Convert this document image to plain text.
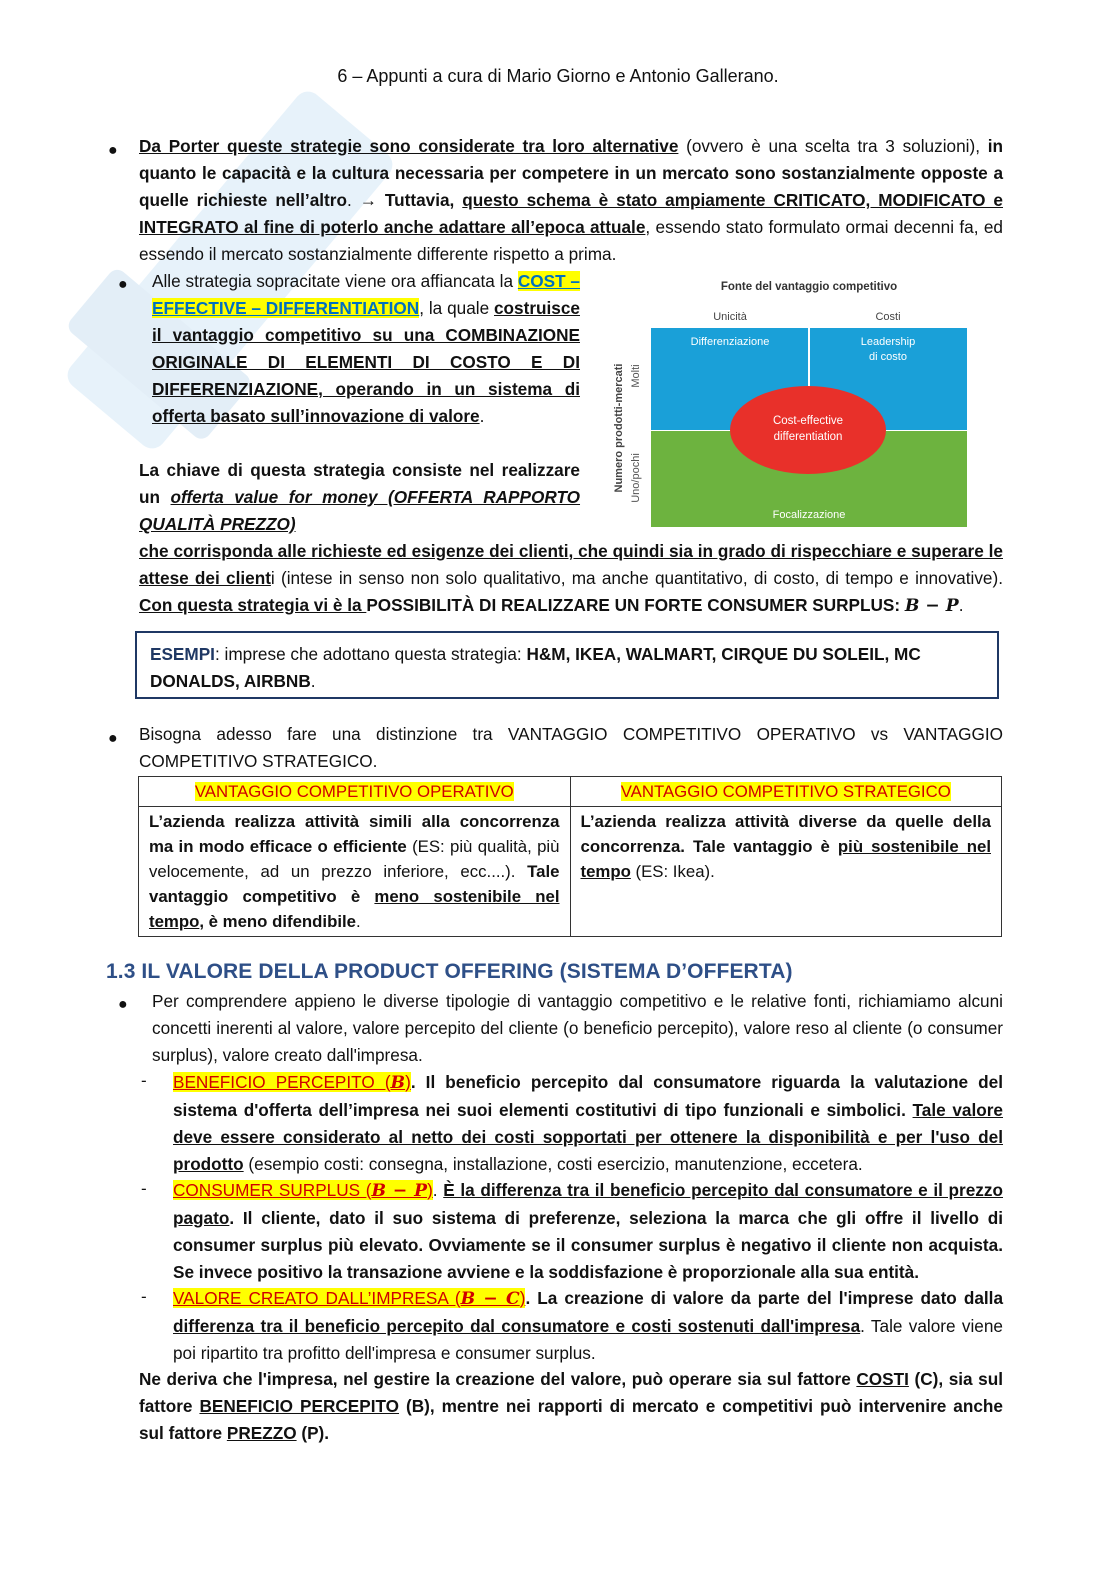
6 – Appunti a cura di Mario Giorno e Antonio Gallerano.
● Da Porter queste strategie sono considerate tra loro alternative (ovvero è una scelta tra 3 soluzioni), in quanto le capacità e la cultura necessaria per competere in un mercato sono sostanzialmente opposte a quelle richieste nell’altro. → Tuttavia, questo schema è stato ampiamente CRITICATO, MODIFICATO e INTEGRATO al fine di poterlo anche adattare all’epoca attuale, essendo stato formulato ormai decenni fa, ed essendo il mercato sostanzialmente differente rispetto a prima.

● Alle strategia sopracitate viene ora affiancata la COST – EFFECTIVE – DIFFERENTIATION, la quale costruisce il vantaggio competitivo su una COMBINAZIONE ORIGINALE DI ELEMENTI DI COSTO E DI DIFFERENZIAZIONE, operando in un sistema di offerta basato sull’innovazione di valore.

La chiave di questa strategia consiste nel realizzare un offerta value for money (OFFERTA RAPPORTO QUALITÀ PREZZO)

che corrisponda alle richieste ed esigenze dei clienti, che quindi sia in grado di rispecchiare e superare le attese dei clienti (intese in senso non solo qualitativo, ma anche quantitativo, di costo, di tempo e innovative). Con questa strategia vi è la POSSIBILITÀ DI REALIZZARE UN FORTE CONSUMER SURPLUS: B − P.

Fonte del vantaggio competitivo
Unicità	Costi
Differenziazione	Leadership
di costo
Focalizzazione
Cost-effective
differentiation
Numero prodotti-mercati Molti
Uno/pochi
ESEMPI: imprese che adottano questa strategia: H&M, IKEA, WALMART, CIRQUE DU SOLEIL, MC DONALDS, AIRBNB.
● Bisogna adesso fare una distinzione tra VANTAGGIO COMPETITIVO OPERATIVO vs VANTAGGIO COMPETITIVO STRATEGICO.

VANTAGGIO COMPETITIVO OPERATIVO	VANTAGGIO COMPETITIVO STRATEGICO
L’azienda realizza attività simili alla concorrenza ma in modo efficace o efficiente (ES: più qualità, più velocemente, ad un prezzo inferiore, ecc....). Tale vantaggio competitivo è meno sostenibile nel tempo, è meno difendibile.	L’azienda realizza attività diverse da quelle della concorrenza. Tale vantaggio è più sostenibile nel tempo (ES: Ikea).
1.3 IL VALORE DELLA PRODUCT OFFERING (SISTEMA D’OFFERTA)
● Per comprendere appieno le diverse tipologie di vantaggio competitivo e le relative fonti, richiamiamo alcuni concetti inerenti al valore, valore percepito del cliente (o beneficio percepito), valore reso al cliente (o consumer surplus), valore creato dall'impresa.

- BENEFICIO PERCEPITO (B). Il beneficio percepito dal consumatore riguarda la valutazione del sistema d'offerta dell’impresa nei suoi elementi costitutivi di tipo funzionali e simbolici. Tale valore deve essere considerato al netto dei costi sopportati per ottenere la disponibilità e per l'uso del prodotto (esempio costi: consegna, installazione, costi esercizio, manutenzione, eccetera.

- CONSUMER SURPLUS (B − P). È la differenza tra il beneficio percepito dal consumatore e il prezzo pagato. Il cliente, dato il suo sistema di preferenze, seleziona la marca che gli offre il livello di consumer surplus più elevato. Ovviamente se il consumer surplus è negativo il cliente non acquista. Se invece positivo la transazione avviene e la soddisfazione è proporzionale alla sua entità.

- VALORE CREATO DALL’IMPRESA (B − C). La creazione di valore da parte del l'imprese dato dalla differenza tra il beneficio percepito dal consumatore e costi sostenuti dall'impresa. Tale valore viene poi ripartito tra profitto dell'impresa e consumer surplus.

Ne deriva che l'impresa, nel gestire la creazione del valore, può operare sia sul fattore COSTI (C), sia sul fattore BENEFICIO PERCEPITO (B), mentre nei rapporti di mercato e competitivi può intervenire anche sul fattore PREZZO (P).
